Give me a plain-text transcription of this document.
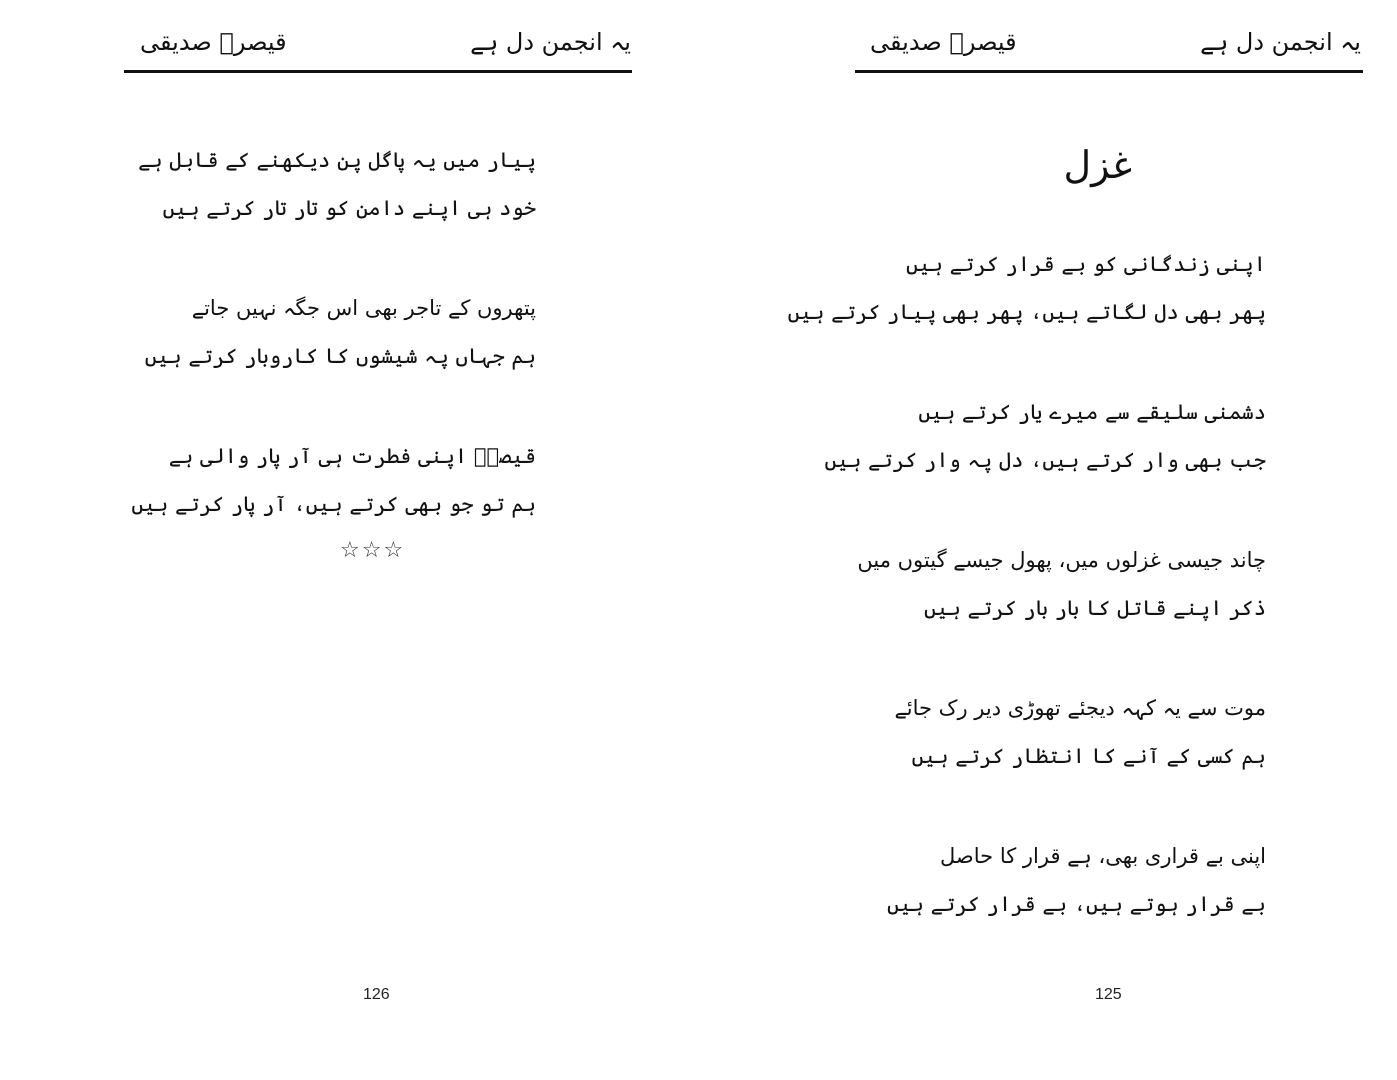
یہ انجمن دل ہے
قیصرؔ صدیقی
پیار میں یہ پاگل پن دیکھنے کے قابل ہے
خود ہی اپنے دامن کو تار تار کرتے ہیں
پتھروں کے تاجر بھی اس جگہ نہیں جاتے
ہم جہاں پہ شیشوں کا کاروبار کرتے ہیں
قیصرؔ اپنی فطرت ہی آر پار والی ہے
ہم تو جو بھی کرتے ہیں، آر پار کرتے ہیں
☆☆☆
126
یہ انجمن دل ہے
قیصرؔ صدیقی
غزل
اپنی زندگانی کو بے قرار کرتے ہیں
پھر بھی دل لگاتے ہیں، پھر بھی پیار کرتے ہیں
دشمنی سلیقے سے میرے یار کرتے ہیں
جب بھی وار کرتے ہیں، دل پہ وار کرتے ہیں
چاند جیسی غزلوں میں، پھول جیسے گیتوں میں
ذکر اپنے قاتل کا بار بار کرتے ہیں
موت سے یہ کہہ دیجئے تھوڑی دیر رک جائے
ہم کسی کے آنے کا انتظار کرتے ہیں
اپنی بے قراری بھی، ہے قرار کا حاصل
بے قرار ہوتے ہیں، بے قرار کرتے ہیں
125
